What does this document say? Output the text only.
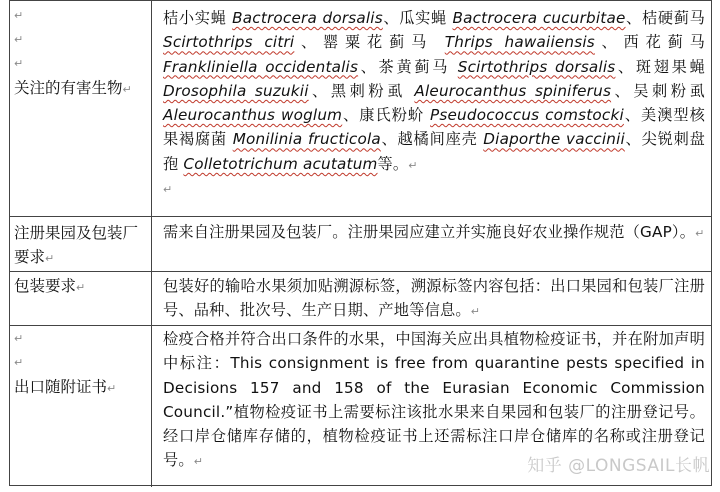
↵
↵
↵
关注的有害生物↵
桔小实蝇 Bactrocera dorsalis、瓜实蝇 Bactrocera cucurbitae、桔硬蓟马 Scirtothrips citri、罂粟花蓟马 Thrips hawaiiensis、西花蓟马 Frankliniella occidentalis、茶黄蓟马 Scirtothrips dorsalis、斑翅果蝇 Drosophila suzukii、黑刺粉虱 Aleurocanthus spiniferus、吴刺粉虱 Aleurocanthus woglum、康氏粉蚧 Pseudococcus comstocki、美澳型核果褐腐菌 Monilinia fructicola、越橘间座壳 Diaporthe vaccinii、尖锐刺盘孢 Colletotrichum acutatum等。↵
↵
注册果园及包装厂要求↵
需来自注册果园及包装厂。注册果园应建立并实施良好农业操作规范（GAP）。↵
包装要求↵	包装好的输哈水果须加贴溯源标签，溯源标签内容包括：出口果园和包装厂注册号、品种、批次号、生产日期、产地等信息。↵
↵
↵
出口随附证书↵
检疫合格并符合出口条件的水果，中国海关应出具植物检疫证书，并在附加声明中标注：This consignment is free from quarantine pests specified in Decisions 157 and 158 of the Eurasian Economic Commission Council.”植物检疫证书上需要标注该批水果来自果园和包装厂的注册登记号。经口岸仓储库存储的，植物检疫证书上还需标注口岸仓储库的名称或注册登记号。↵	知乎 @LONGSAIL长帆
